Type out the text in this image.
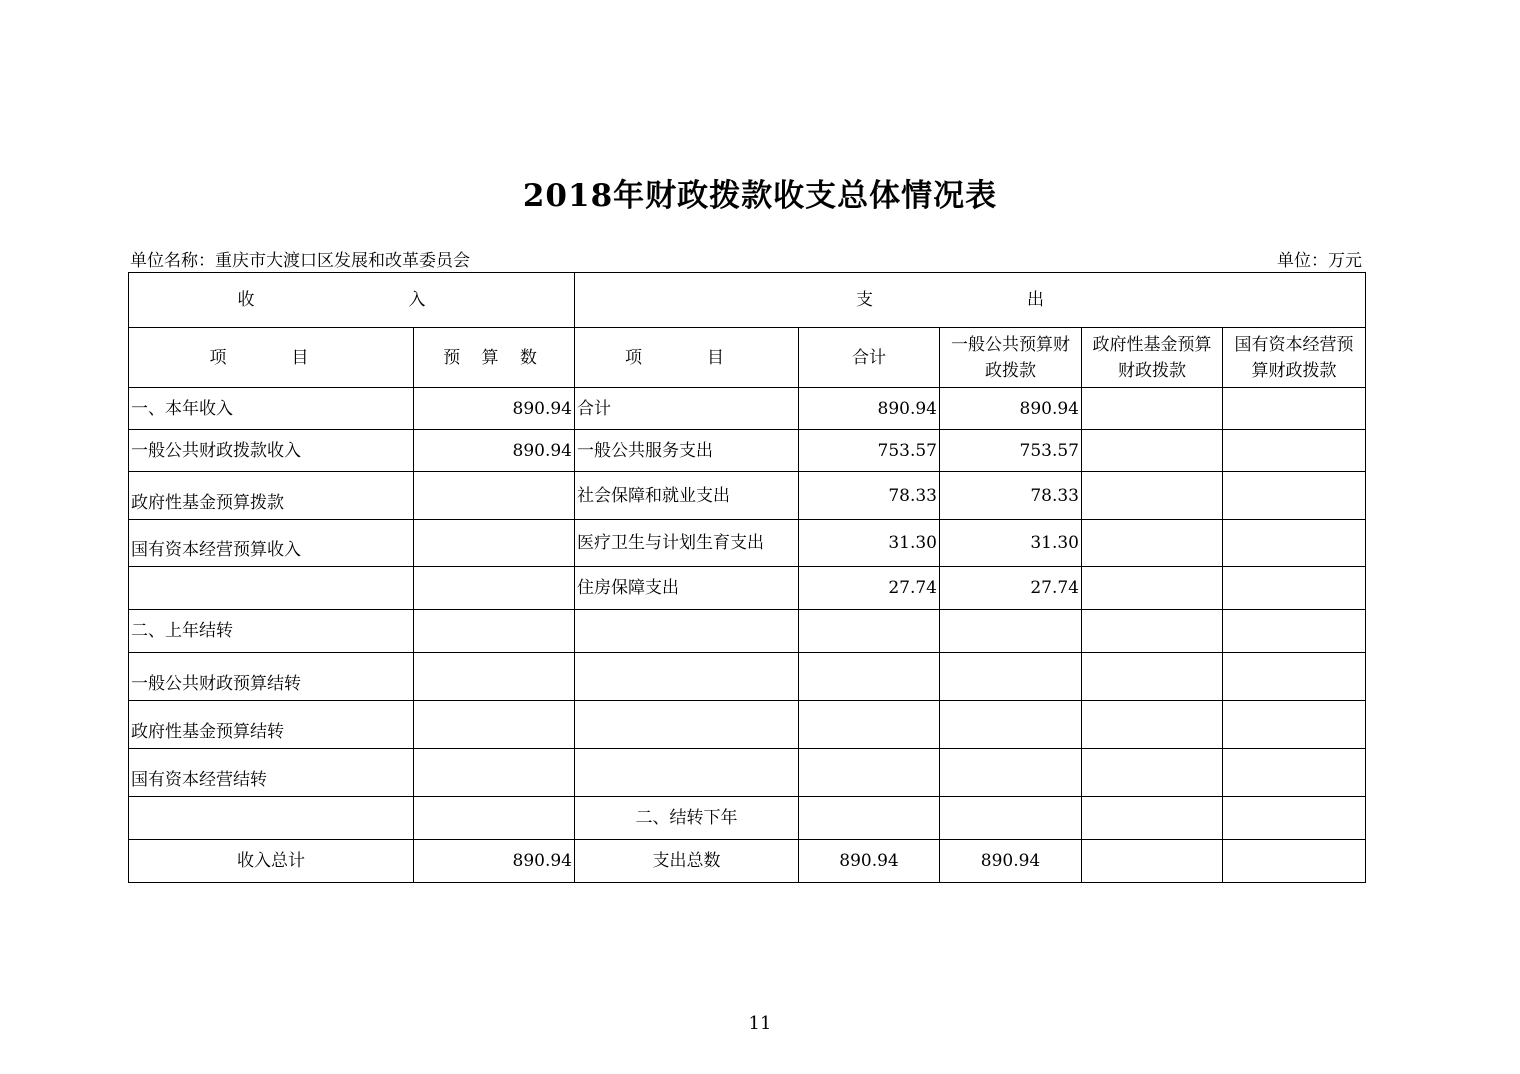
2018年财政拨款收支总体情况表
单位名称：重庆市大渡口区发展和改革委员会	单位：万元
收　　入		支　　出				
项　目	预 算 数	项　目	合计	一般公共预算财政拨款	政府性基金预算财政拨款	国有资本经营预算财政拨款
一、本年收入	890.94	合计	890.94	890.94		
一般公共财政拨款收入	890.94	一般公共服务支出	753.57	753.57		
政府性基金预算拨款		社会保障和就业支出	78.33	78.33		
国有资本经营预算收入		医疗卫生与计划生育支出	31.30	31.30		
		住房保障支出	27.74	27.74		
二、上年结转						
一般公共财政预算结转						
政府性基金预算结转						
国有资本经营结转						
		二、结转下年				
收入总计	890.94	支出总数	890.94	890.94		
11
